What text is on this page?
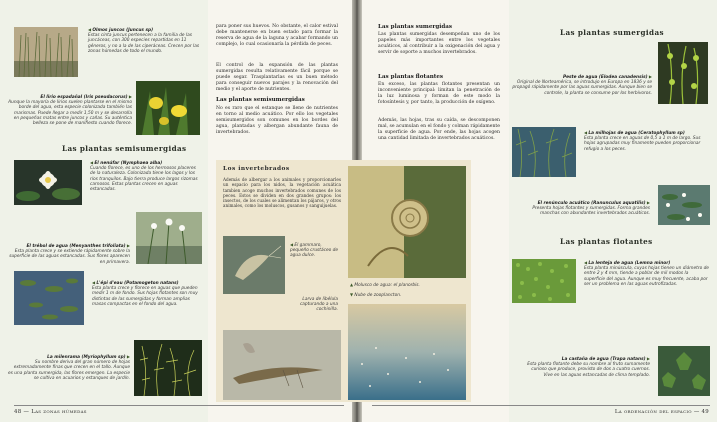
◀ Olmos juncos (Juncus sp)
Estas cinta juncus pertenecen a la familia de las juncáceas, con 300 especies repartidas en 11 géneros, y no a la de las ciperáceas. Crecen por las zonas húmedas de todo el mundo.

El lirio espadañal (Iris pseudacorus) ▶
Aunque la mayoría de lirios suelen plantarse en el mismo borde del agua, esta especie colonizada también las marismas. Puede llegar a medir 1,50 m y se desarrolla en pequeñas matas entre juncos y cañas. Su auténtica belleza se pone de manifiesto cuando florece.

Las plantas semisumergidas

◀ El nenúfar (Nymphaea alba)
Cuando florece, es uno de los hermosos placeres de la naturaleza. Colonizada tiene los lagos y los ríos tranquilos. Bajo tierra produce largos rizomas carnosos. Estas plantas crecen en aguas estancadas.

El trébol de agua (Menyanthes trifoliata) ▶
Esta planta crece y se extiende rápidamente sobre la superficie de las aguas estancadas. Sus flores aparecen en primavera.

◀ L'épi d'eau (Potamogeton natans)
Esta planta crece y florece en aguas que pueden medir 1 m de fondo. Sus hojas flotantes son muy distintas de las sumergidas y forman amplias masas compactas en el fondo del agua.

La milenrama (Myriophyllum sp) ▶
Su nombre deriva del gran número de hojas extremadamente finas que crecen en el tallo. Aunque es una planta sumergida, las flores emergen. La especie se cultiva en acuarios y estanques de jardín.

para poner sus huevos. No obstante, el calor estival debe mantenerse en buen estado para formar la reserva de agua de la laguna y acabar formando un complejo, lo cual ocasionaría la pérdida de peces.

El control de la expansión de las plantas sumergidas resulta relativamente fácil porque se puede segar. Trasplantarlas es un buen método para conseguir nuevos parajes y la renovación del medio y el aporte de nutrientes.

Las plantas semisumergidas

No es raro que el estanque se llene de nutrientes en torno al medio acuático. Por ello los vegetales semisumergidos son comunes en los bordes del agua, plantadas y albergan abundante fauna de invertebrados.

48 — Las zonas húmedas
Las plantas sumergidas

Las plantas sumergidas desempeñan uno de los papeles más importantes entre los vegetales acuáticos, al contribuir a la oxigenación del agua y servir de soporte a muchos invertebrados.

Las plantas flotantes

En exceso, las plantas flotantes presentan un inconveniente principal: limitan la penetración de la luz luminosa y forman de este modo la fotosíntesis y, por tanto, la producción de oxígeno.

Además, las hojas, tras su caída, se descomponen mal, se acumulan en el fondo y colman rápidamente la superficie de agua. Por ende, las hojas acogen una cantidad limitada de invertebrados acuáticos.

Las plantas sumergidas

Peste de agua (Elodea canadensis) ▶
Original de Norteamérica, se introdujo en Europa en 1836 y se propagó rápidamente por las aguas sumergidas. Aunque bien se controle, la planta se consume por los herbívoros.

◀ La milhojas de agua (Ceratophyllum sp)
Esta planta crece en aguas de 0,5 a 1 m de largo. Sus hojas agrupadas muy finamente pueden proporcionar refugio a los peces.

El renúnculo acuático (Ranunculus aquatilis) ▶
Presenta hojas flotantes y sumergidas. Forma grandes manchas con abundantes invertebrados acuáticos.

Las plantas flotantes

◀ La lenteja de agua (Lemna minor)
Esta planta minúscula, cuyas hojas tienen un diámetro de entre 2 y 4 mm, tiende a poblar de mil modos la superficie del agua. Aunque es muy frecuente, acaba por ser un problema en las aguas eutrofizadas.

La castaña de agua (Trapa natans) ▶
Esta planta flotante debe su nombre al fruto sumamente curioso que produce, provisto de dos a cuatro cuernos. Vive en las aguas estancadas de clima templado.

La ordenación del espacio — 49
Los invertebrados

Además de albergar a los animales y proporcionarles un espacio para los nidos, la vegetación acuática tambien acoge muchos invertebrados comunes de los peces. Estos se dividen en dos grandes grupos: los insectos, de los cuales se alimentan los pájaros, y otros animales, como los moluscos, gusanos y sanguijuelas.

◀ El gammaro, pequeño crustáceo de agua dulce.

Larva de libélula capturando a una cochinilla.

▲ Molusco de agua: el planorbis.

▼ Nube de zooplancton.
